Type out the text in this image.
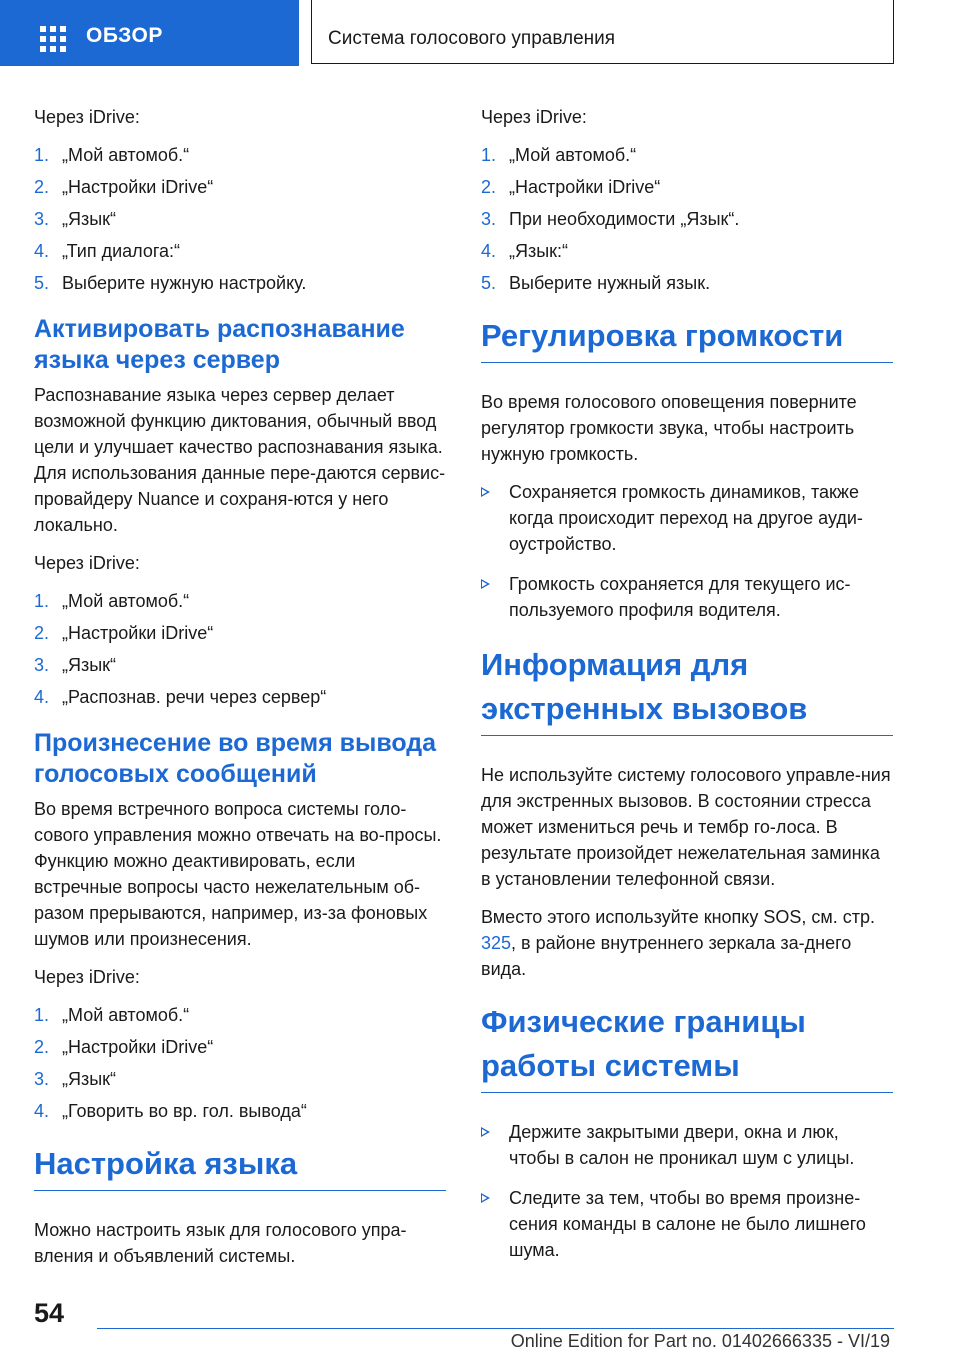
ОБЗОР	Система голосового управления

Через iDrive:

1. „Мой автомоб.“
2. „Настройки iDrive“
3. „Язык“
4. „Тип диалога:“
5. Выберите нужную настройку.
Активировать распознавание языка через сервер

Распознавание языка через сервер делает возможной функцию диктования, обычный ввод цели и улучшает качество распознавания языка. Для использования данные пере-даются сервис-провайдеру Nuance и сохраня-ются у него локально.

Через iDrive:

1. „Мой автомоб.“
2. „Настройки iDrive“
3. „Язык“
4. „Распознав. речи через сервер“
Произнесение во время вывода голосовых сообщений

Во время встречного вопроса системы голо-сового управления можно отвечать на во-просы. Функцию можно деактивировать, если встречные вопросы часто нежелательным об-разом прерываются, например, из-за фоновых шумов или произнесения.

Через iDrive:

1. „Мой автомоб.“
2. „Настройки iDrive“
3. „Язык“
4. „Говорить во вр. гол. вывода“
Настройка языка

Можно настроить язык для голосового упра-вления и объявлений системы.

Через iDrive:

1. „Мой автомоб.“
2. „Настройки iDrive“
3. При необходимости „Язык“.
4. „Язык:“
5. Выберите нужный язык.
Регулировка громкости

Во время голосового оповещения поверните регулятор громкости звука, чтобы настроить нужную громкость.

Сохраняется громкость динамиков, также когда происходит переход на другое ауди-оустройство.
Громкость сохраняется для текущего ис-пользуемого профиля водителя.
Информация для экстренных вызовов

Не используйте систему голосового управле-ния для экстренных вызовов. В состоянии стресса может измениться речь и тембр го-лоса. В результате произойдет нежелательная заминка в установлении телефонной связи.

Вместо этого используйте кнопку SOS, см. стр. 325, в районе внутреннего зеркала за-днего вида.

Физические границы работы системы
Держите закрытыми двери, окна и люк, чтобы в салон не проникал шум с улицы.
Следите за тем, чтобы во время произне-сения команды в салоне не было лишнего шума.
54
Online Edition for Part no. 01402666335 - VI/19
